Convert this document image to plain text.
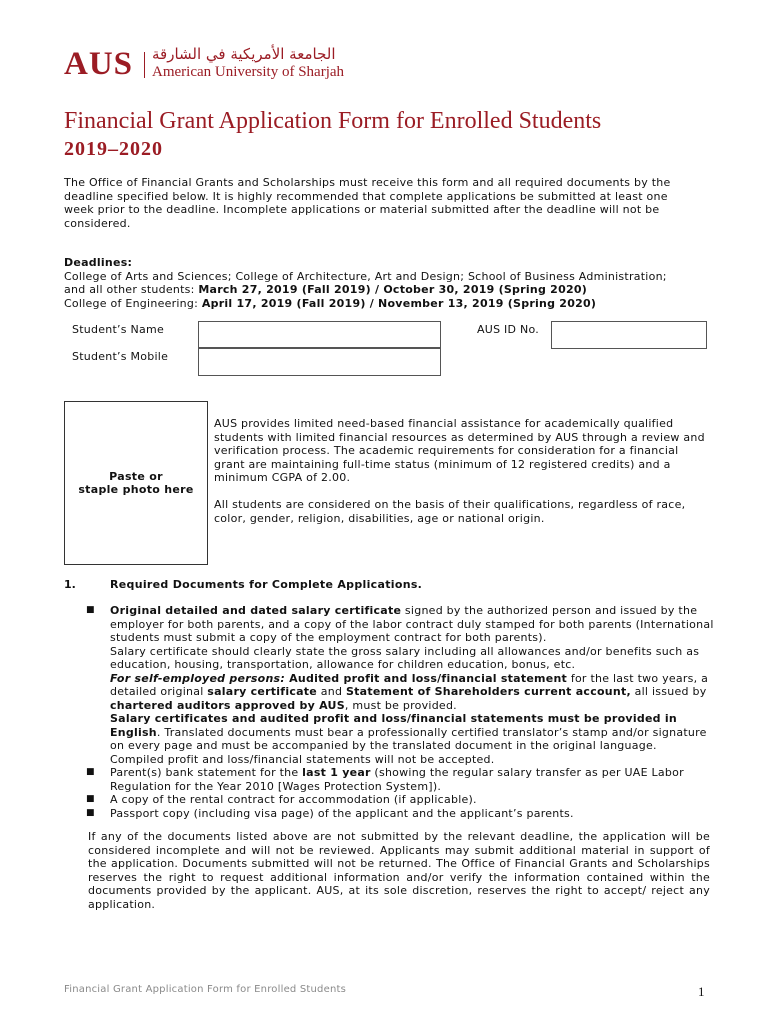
AUS الجامعة الأمريكية في الشارقة
American University of Sharjah
Financial Grant Application Form for Enrolled Students
2019–2020
The Office of Financial Grants and Scholarships must receive this form and all required documents by the deadline specified below. It is highly recommended that complete applications be submitted at least one week prior to the deadline. Incomplete applications or material submitted after the deadline will not be considered.
Deadlines:
College of Arts and Sciences; College of Architecture, Art and Design; School of Business Administration;
and all other students: March 27, 2019 (Fall 2019) / October 30, 2019 (Spring 2020)
College of Engineering: April 17, 2019 (Fall 2019) / November 13, 2019 (Spring 2020)
Student’s Name	AUS ID No.
Student’s Mobile
Paste or
staple photo here
AUS provides limited need-based financial assistance for academically qualified students with limited financial resources as determined by AUS through a review and verification process. The academic requirements for consideration for a financial grant are maintaining full-time status (minimum of 12 registered credits) and a minimum CGPA of 2.00.
All students are considered on the basis of their qualifications, regardless of race, color, gender, religion, disabilities, age or national origin.
1.	Required Documents for Complete Applications.
■ Original detailed and dated salary certificate signed by the authorized person and issued by the employer for both parents, and a copy of the labor contract duly stamped for both parents (International students must submit a copy of the employment contract for both parents).
Salary certificate should clearly state the gross salary including all allowances and/or benefits such as education, housing, transportation, allowance for children education, bonus, etc.
For self-employed persons: Audited profit and loss/financial statement for the last two years, a detailed original salary certificate and Statement of Shareholders current account, all issued by chartered auditors approved by AUS, must be provided.
Salary certificates and audited profit and loss/financial statements must be provided in English. Translated documents must bear a professionally certified translator’s stamp and/or signature on every page and must be accompanied by the translated document in the original language. Compiled profit and loss/financial statements will not be accepted.
■ Parent(s) bank statement for the last 1 year (showing the regular salary transfer as per UAE Labor Regulation for the Year 2010 [Wages Protection System]).
■ A copy of the rental contract for accommodation (if applicable).
■ Passport copy (including visa page) of the applicant and the applicant’s parents.
If any of the documents listed above are not submitted by the relevant deadline, the application will be considered incomplete and will not be reviewed. Applicants may submit additional material in support of the application. Documents submitted will not be returned. The Office of Financial Grants and Scholarships reserves the right to request additional information and/or verify the information contained within the documents provided by the applicant. AUS, at its sole discretion, reserves the right to accept/ reject any application.
Financial Grant Application Form for Enrolled Students	1
